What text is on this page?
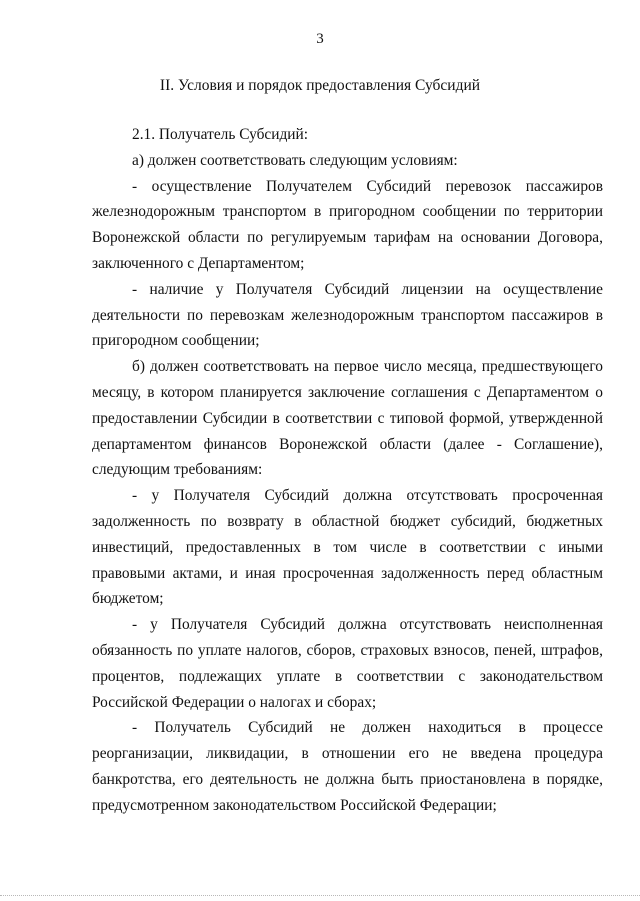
3
II. Условия и порядок предоставления Субсидий

2.1. Получатель Субсидий:

а) должен соответствовать следующим условиям:

- осуществление Получателем Субсидий перевозок пассажиров железнодорожным транспортом в пригородном сообщении по территории Воронежской области по регулируемым тарифам на основании Договора, заключенного с Департаментом;

- наличие у Получателя Субсидий лицензии на осуществление деятельности по перевозкам железнодорожным транспортом пассажиров в пригородном сообщении;

б) должен соответствовать на первое число месяца, предшествующего месяцу, в котором планируется заключение соглашения с Департаментом о предоставлении Субсидии в соответствии с типовой формой, утвержденной департаментом финансов Воронежской области (далее - Соглашение), следующим требованиям:

- у Получателя Субсидий должна отсутствовать просроченная задолженность по возврату в областной бюджет субсидий, бюджетных инвестиций, предоставленных в том числе в соответствии с иными правовыми актами, и иная просроченная задолженность перед областным бюджетом;

- у Получателя Субсидий должна отсутствовать неисполненная обязанность по уплате налогов, сборов, страховых взносов, пеней, штрафов, процентов, подлежащих уплате в соответствии с законодательством Российской Федерации о налогах и сборах;

- Получатель Субсидий не должен находиться в процессе реорганизации, ликвидации, в отношении его не введена процедура банкротства, его деятельность не должна быть приостановлена в порядке, предусмотренном законодательством Российской Федерации;
